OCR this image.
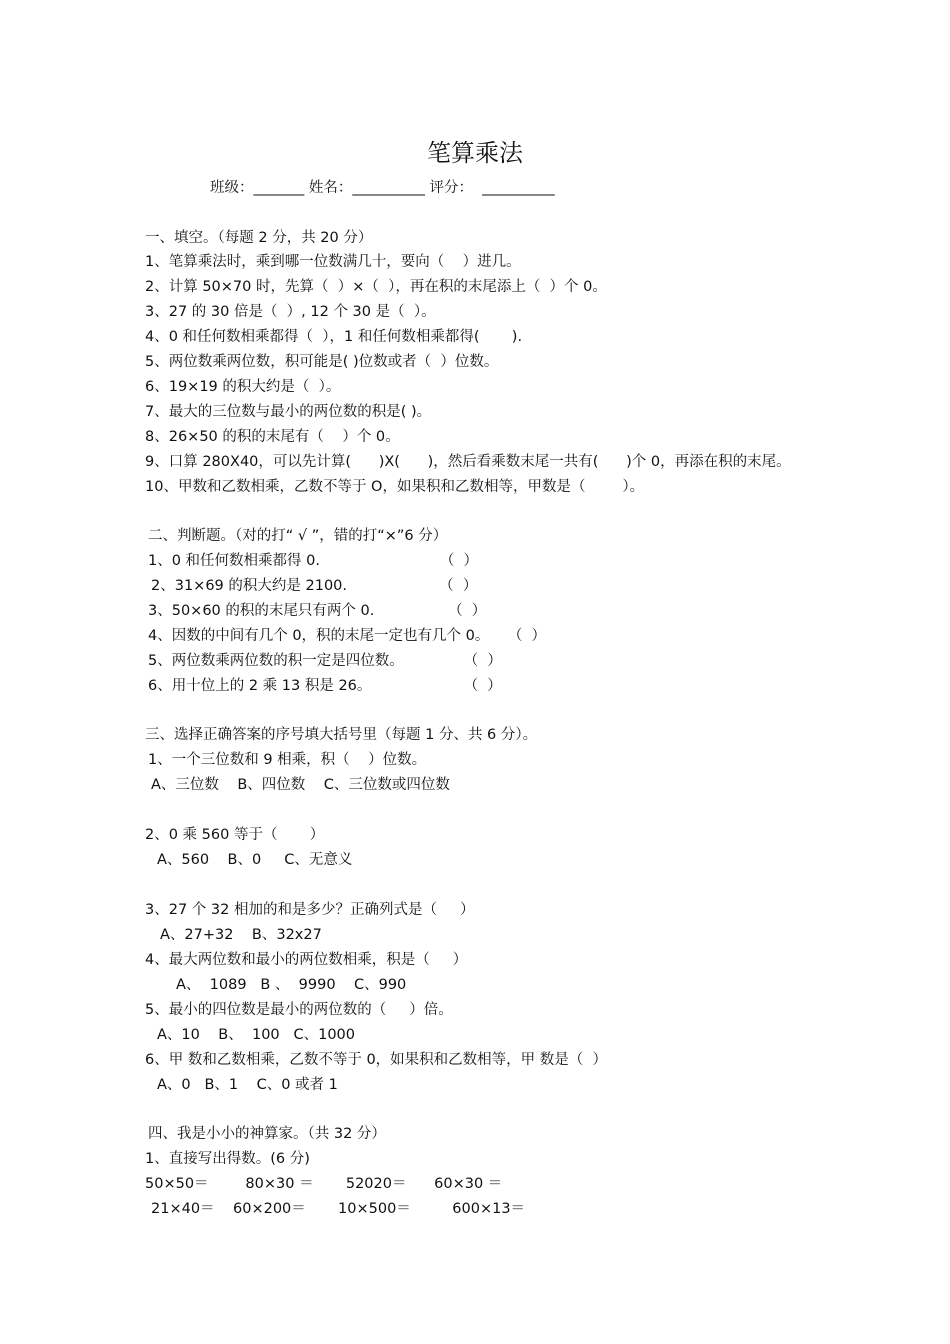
笔算乘法
班级：_______ 姓名：__________ 评分：  __________
一、填空。（每题 2 分，共 20 分）
1、笔算乘法时，乘到哪一位数满几十，要向（    ）进几。
2、计算 50×70 时，先算（  ）×（  ），再在积的末尾添上（  ）个 0。
3、27 的 30 倍是（  ）, 12 个 30 是（  ）。
4、0 和任何数相乘都得（  ），1 和任何数相乘都得(       ).
5、两位数乘两位数，积可能是( )位数或者（  ）位数。
6、19×19 的积大约是（  ）。
7、最大的三位数与最小的两位数的积是( )。
8、26×50 的积的末尾有（    ）个 0。
9、口算 280X40，可以先计算(      )X(      )，然后看乘数末尾一共有(      )个 0，再添在积的末尾。
10、甲数和乙数相乘，乙数不等于 O，如果积和乙数相等，甲数是（        ）。
二、判断题。（对的打“ √ ”，错的打“×”6 分）
1、0 和任何数相乘都得 0.                          （  ）
2、31×69 的积大约是 2100.                    （  ）
3、50×60 的积的末尾只有两个 0.                （  ）
4、因数的中间有几个 0，积的末尾一定也有几个 0。    （  ）
5、两位数乘两位数的积一定是四位数。             （  ）
6、用十位上的 2 乘 13 积是 26。                    （  ）
三、选择正确答案的序号填大括号里（每题 1 分、共 6 分）。
1、一个三位数和 9 相乘，积（    ）位数。
A、三位数    B、四位数    C、三位数或四位数
2、0 乘 560 等于（       ）
A、560    B、0     C、无意义
3、27 个 32 相加的和是多少？正确列式是（     ）
A、27+32    B、32x27
4、最大两位数和最小的两位数相乘，积是（     ）
A、  1089   B 、  9990    C、990
5、最小的四位数是最小的两位数的（     ）倍。
A、10    B、  100   C、1000
6、甲 数和乙数相乘，乙数不等于 0，如果积和乙数相等，甲 数是（  ）
A、0   B、1    C、0 或者 1
四、我是小小的神算家。（共 32 分）
1、直接写出得数。(6 分)
50×50＝        80×30 ＝       52020＝      60×30 ＝
21×40＝    60×200＝       10×500＝         600×13＝
